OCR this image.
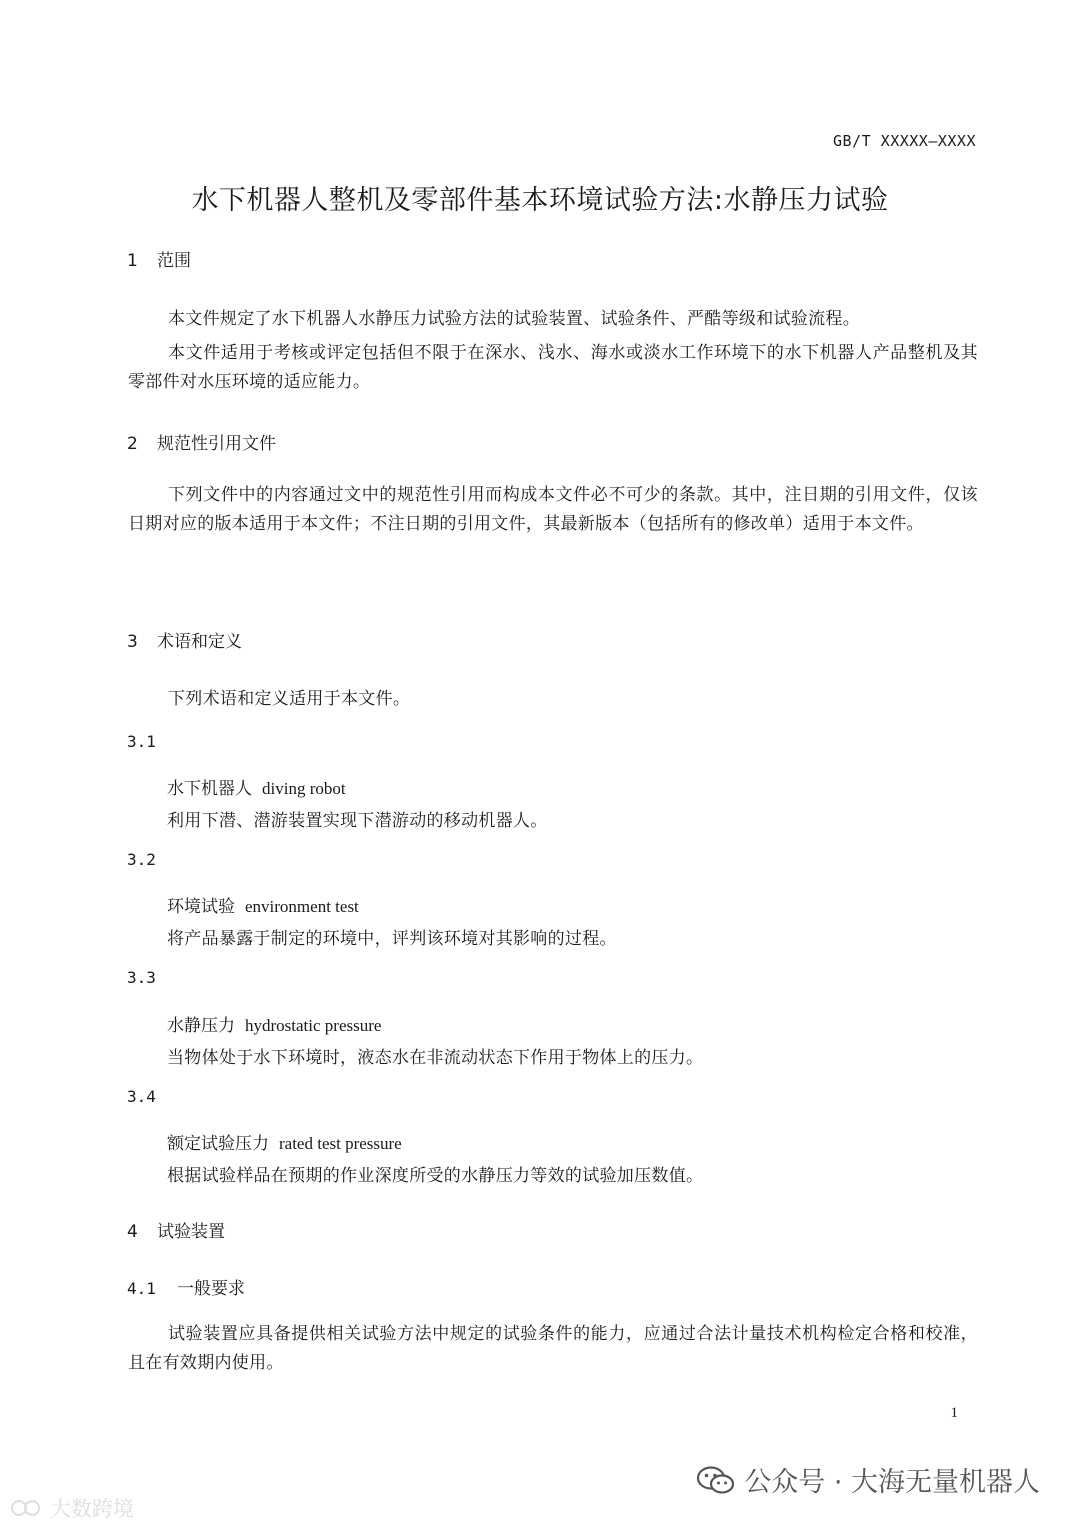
GB/T XXXXX—XXXX
水下机器人整机及零部件基本环境试验方法:水静压力试验
1 范围
本文件规定了水下机器人水静压力试验方法的试验装置、试验条件、严酷等级和试验流程。
本文件适用于考核或评定包括但不限于在深水、浅水、海水或淡水工作环境下的水下机器人产品整机及其零部件对水压环境的适应能力。
2 规范性引用文件
下列文件中的内容通过文中的规范性引用而构成本文件必不可少的条款。其中，注日期的引用文件，仅该日期对应的版本适用于本文件；不注日期的引用文件，其最新版本（包括所有的修改单）适用于本文件。
3 术语和定义
下列术语和定义适用于本文件。
3.1
水下机器人 diving robot
利用下潜、潜游装置实现下潜游动的移动机器人。
3.2
环境试验 environment test
将产品暴露于制定的环境中，评判该环境对其影响的过程。
3.3
水静压力 hydrostatic pressure
当物体处于水下环境时，液态水在非流动状态下作用于物体上的压力。
3.4
额定试验压力 rated test pressure
根据试验样品在预期的作业深度所受的水静压力等效的试验加压数值。
4 试验装置
4.1 一般要求
试验装置应具备提供相关试验方法中规定的试验条件的能力，应通过合法计量技术机构检定合格和校准，且在有效期内使用。
1
公众号 · 大海无量机器人
大数跨境
